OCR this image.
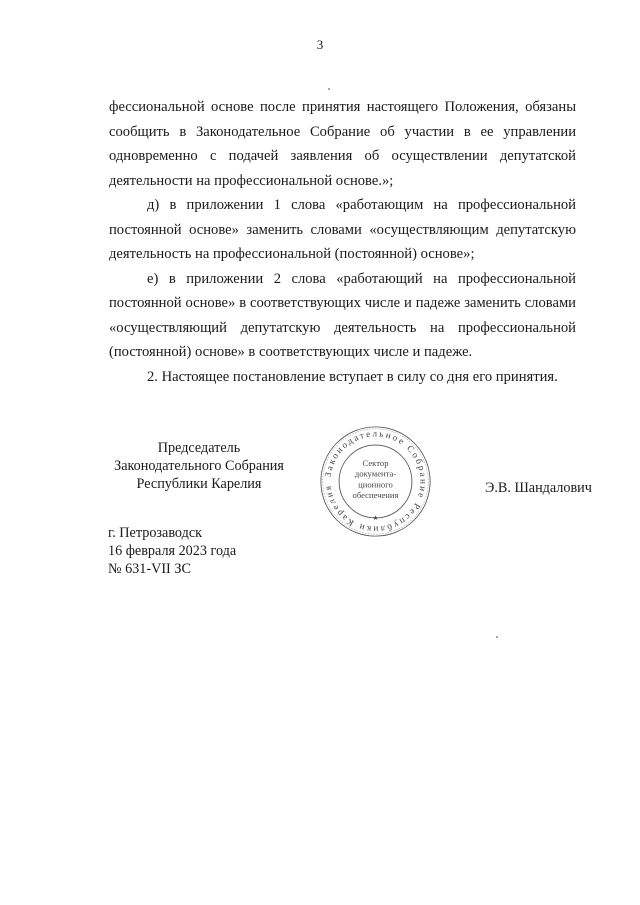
3

фессиональной основе после принятия настоящего Положения, обязаны сообщить в Законодательное Собрание об участии в ее управлении одновременно с подачей заявления об осуществлении депутатской деятельности на профессиональной основе.»;

д) в приложении 1 слова «работающим на профессиональной постоянной основе» заменить словами «осуществляющим депутатскую деятельность на профессиональной (постоянной) основе»;

е) в приложении 2 слова «работающий на профессиональной постоянной основе» в соответствующих числе и падеже заменить словами «осуществляющий депутатскую деятельность на профессиональной (постоянной) основе» в соответствующих числе и падеже.

2. Настоящее постановление вступает в силу со дня его принятия.

Председатель
Законодательного Собрания
Республики Карелия
Законодательное Собрание Республики Карелия
Сектор
документа-
ционного
обеспечения
★
Э.В. Шандалович
г. Петрозаводск
16 февраля 2023 года
№ 631-VII ЗС
